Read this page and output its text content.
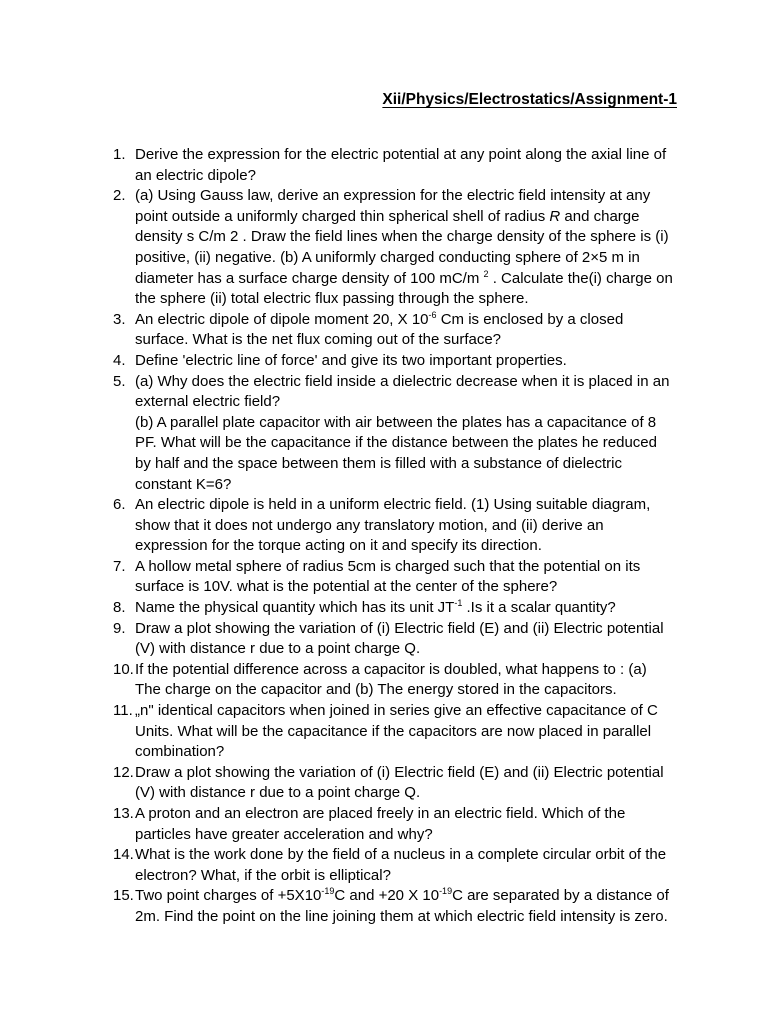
Xii/Physics/Electrostatics/Assignment-1
1. Derive the expression for the electric potential at any point along the axial line of
an electric dipole?
2. (a) Using Gauss law, derive an expression for the electric field intensity at any
point outside a uniformly charged thin spherical shell of radius R and charge
density s C/m 2 . Draw the field lines when the charge density of the sphere is (i)
positive, (ii) negative. (b) A uniformly charged conducting sphere of 2×5 m in
diameter has a surface charge density of 100 mC/m $^2$ . Calculate the(i) charge on
the sphere (ii) total electric flux passing through the sphere.
3. An electric dipole of dipole moment 20, X $10^{-6}$ Cm is enclosed by a closed
surface. What is the net flux coming out of the surface?
4. Define 'electric line of force' and give its two important properties.
5. (a) Why does the electric field inside a dielectric decrease when it is placed in an
external electric field?
(b) A parallel plate capacitor with air between the plates has a capacitance of 8
PF. What will be the capacitance if the distance between the plates he reduced
by half and the space between them is filled with a substance of dielectric
constant K=6?
6. An electric dipole is held in a uniform electric field. (1) Using suitable diagram,
show that it does not undergo any translatory motion, and (ii) derive an
expression for the torque acting on it and specify its direction.
7. A hollow metal sphere of radius 5cm is charged such that the potential on its
surface is 10V. what is the potential at the center of the sphere?
8. Name the physical quantity which has its unit $JT^{-1}$ .Is it a scalar quantity?
9. Draw a plot showing the variation of (i) Electric field (E) and (ii) Electric potential
(V) with distance r due to a point charge Q.
10. If the potential difference across a capacitor is doubled, what happens to : (a)
The charge on the capacitor and (b) The energy stored in the capacitors.
11. „n" identical capacitors when joined in series give an effective capacitance of C
Units. What will be the capacitance if the capacitors are now placed in parallel
combination?
12. Draw a plot showing the variation of (i) Electric field (E) and (ii) Electric potential
(V) with distance r due to a point charge Q.
13. A proton and an electron are placed freely in an electric field. Which of the
particles have greater acceleration and why?
14. What is the work done by the field of a nucleus in a complete circular orbit of the
electron? What, if the orbit is elliptical?
15. Two point charges of $+5X10^{-19}C$ and +20 X $10^{-19}C$ are separated by a distance of
2m. Find the point on the line joining them at which electric field intensity is zero.
